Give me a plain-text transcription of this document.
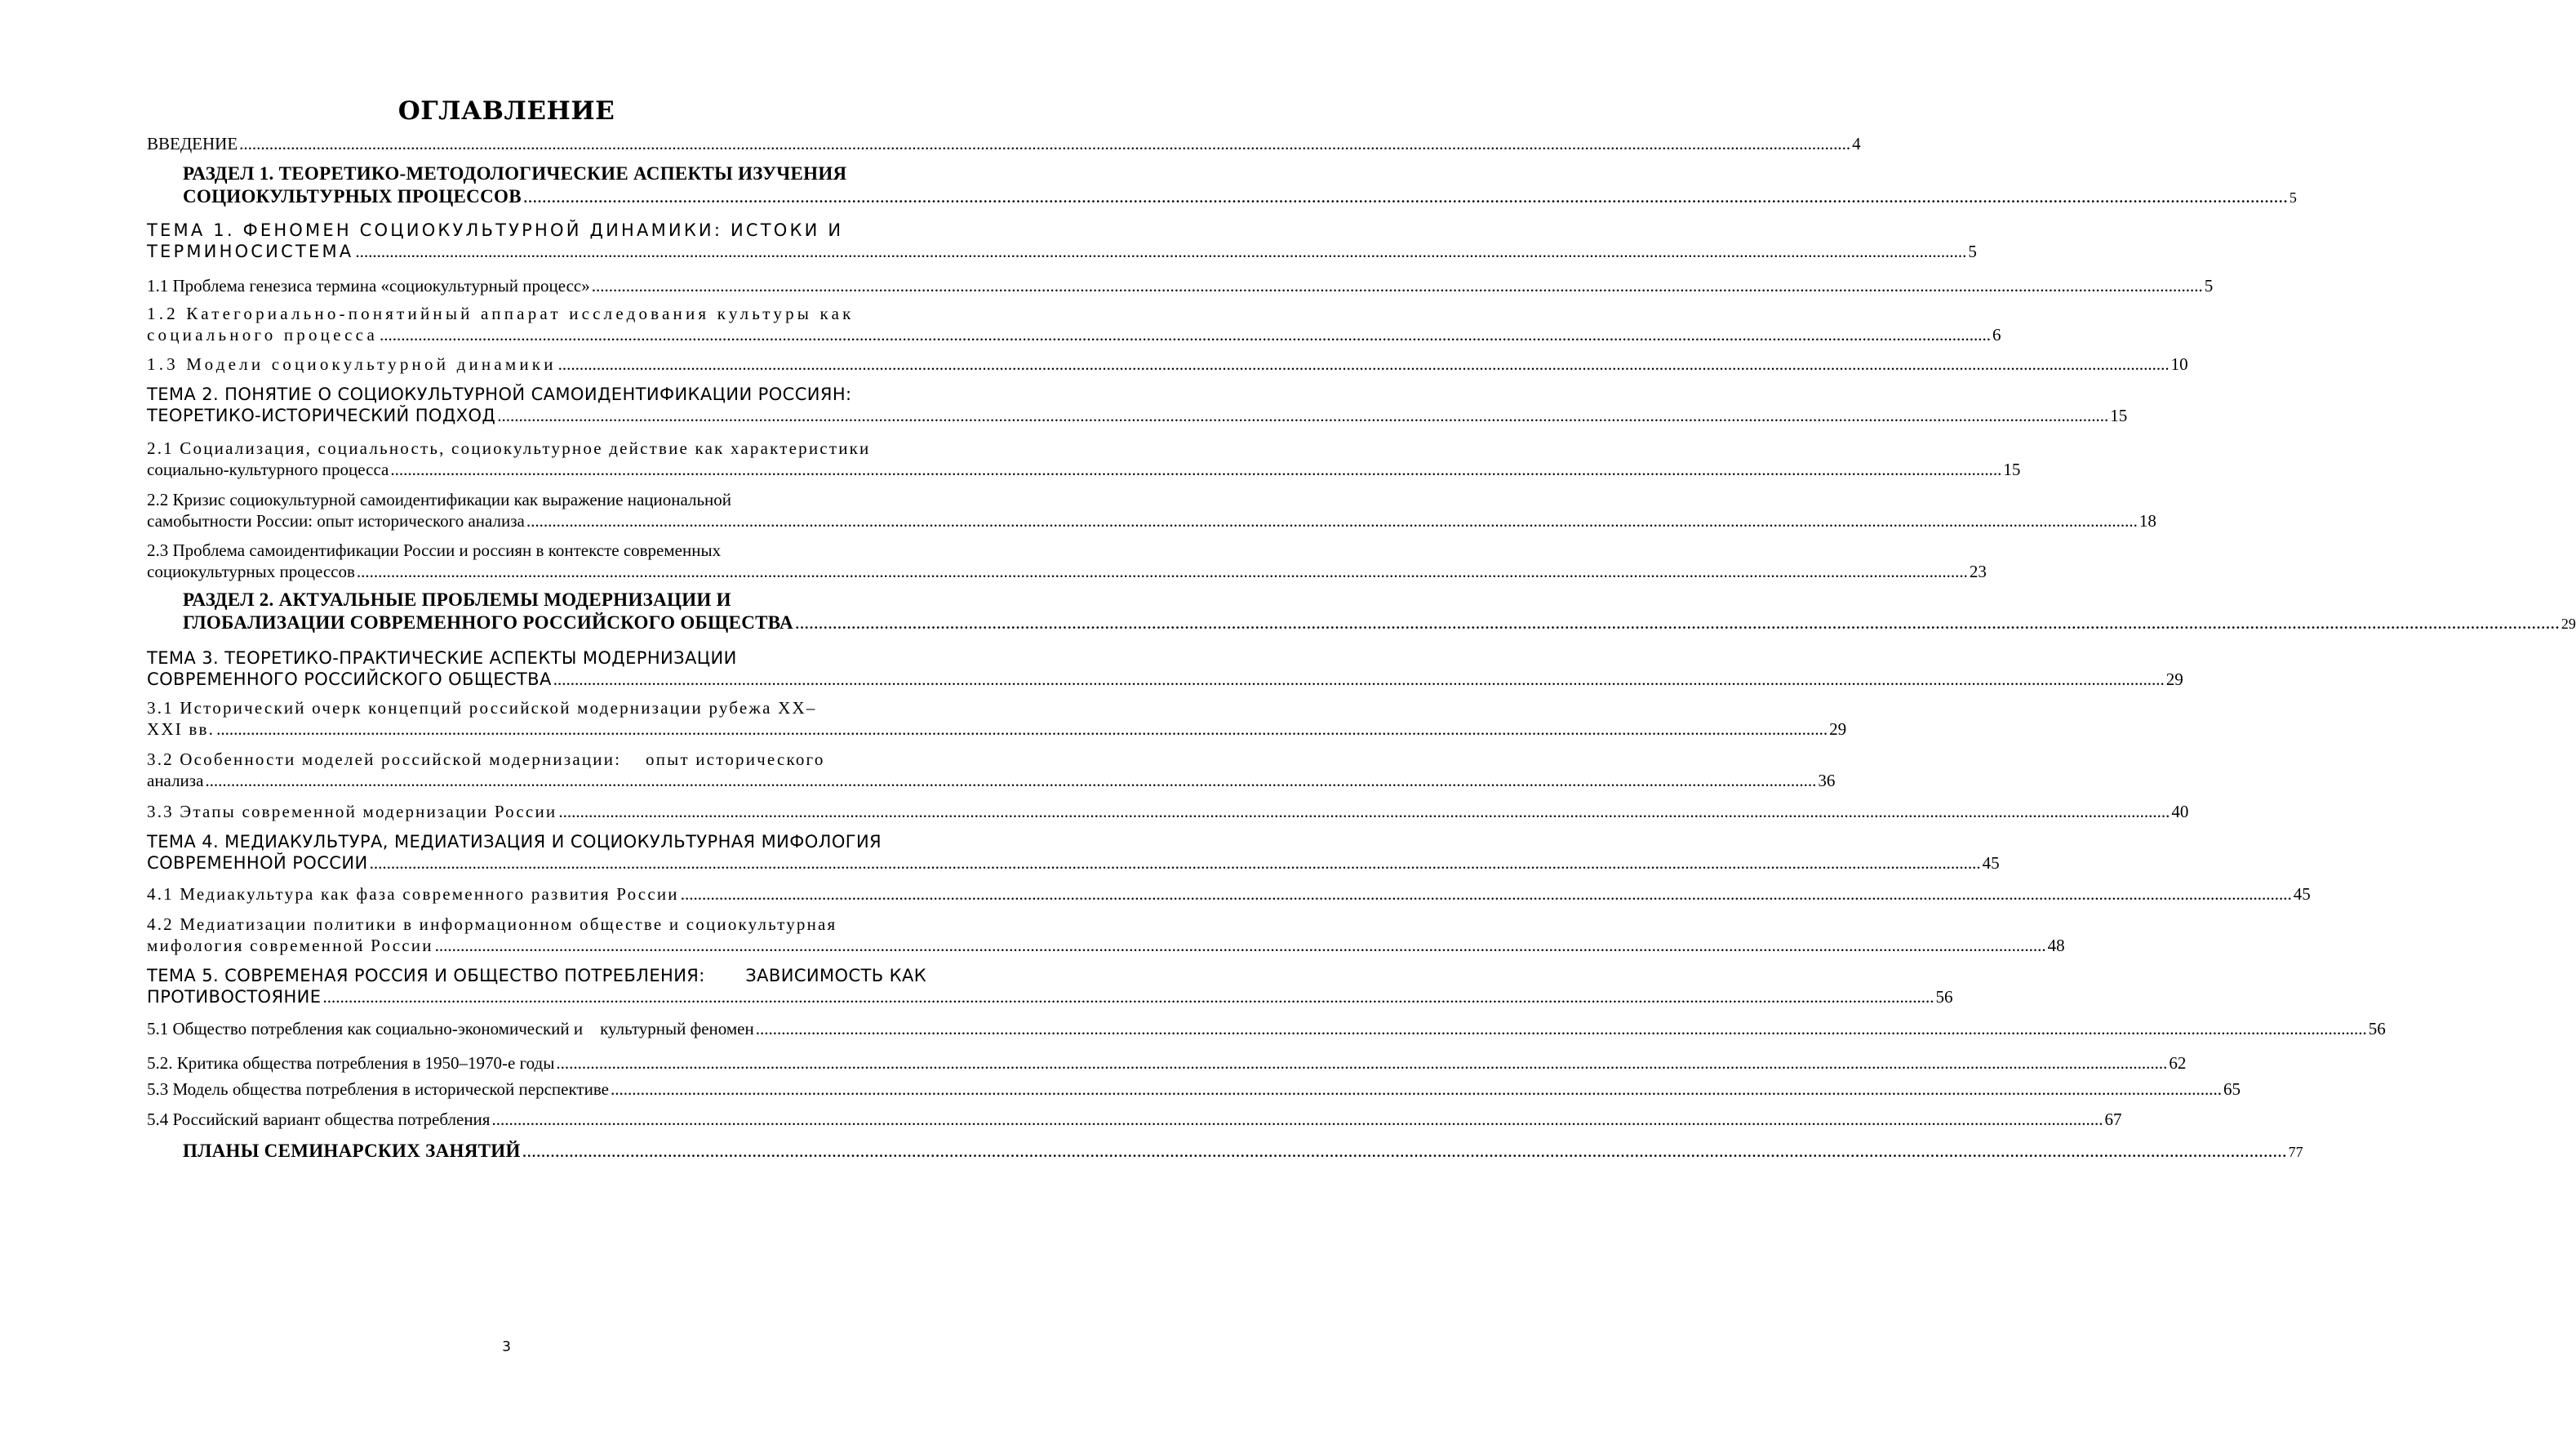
ОГЛАВЛЕНИЕ
ВВЕДЕНИЕ .....	4
РАЗДЕЛ 1. ТЕОРЕТИКО-МЕТОДОЛОГИЧЕСКИЕ АСПЕКТЫ ИЗУЧЕНИЯ
СОЦИОКУЛЬТУРНЫХ ПРОЦЕССОВ .....	5
ТЕМА 1. ФЕНОМЕН СОЦИОКУЛЬТУРНОЙ ДИНАМИКИ: ИСТОКИ И
ТЕРМИНОСИСТЕМА .....	5
1.1 Проблема генезиса термина «социокультурный процесс» .....	5
1.2 Категориально-понятийный аппарат исследования культуры как
социального процесса .....	6
1.3 Модели социокультурной динамики .....	10
ТЕМА 2. ПОНЯТИЕ О СОЦИОКУЛЬТУРНОЙ САМОИДЕНТИФИКАЦИИ РОССИЯН:
ТЕОРЕТИКО-ИСТОРИЧЕСКИЙ ПОДХОД .....	15
2.1 Социализация, социальность, социокультурное действие как характеристики
социально-культурного процесса .....	15
2.2 Кризис социокультурной самоидентификации как выражение национальной
самобытности России: опыт исторического анализа .....	18
2.3 Проблема самоидентификации России и россиян в контексте современных
социокультурных процессов .....	23
РАЗДЕЛ 2. АКТУАЛЬНЫЕ ПРОБЛЕМЫ МОДЕРНИЗАЦИИ И
ГЛОБАЛИЗАЦИИ СОВРЕМЕННОГО РОССИЙСКОГО ОБЩЕСТВА .....	29
ТЕМА 3. ТЕОРЕТИКО-ПРАКТИЧЕСКИЕ АСПЕКТЫ МОДЕРНИЗАЦИИ
СОВРЕМЕННОГО РОССИЙСКОГО ОБЩЕСТВА .....	29
3.1 Исторический очерк концепций российской модернизации рубежа ХХ–
XXI вв. .....	29
3.2 Особенности моделей российской модернизации:    опыт исторического
анализа .....	36
3.3 Этапы современной модернизации России .....	40
ТЕМА 4. МЕДИАКУЛЬТУРА, МЕДИАТИЗАЦИЯ И СОЦИОКУЛЬТУРНАЯ МИФОЛОГИЯ
СОВРЕМЕННОЙ РОССИИ .....	45
4.1 Медиакультура как фаза современного развития России .....	45
4.2 Медиатизации политики в информационном обществе и социокультурная
мифология современной России .....	48
ТЕМА 5. СОВРЕМЕНАЯ РОССИЯ И ОБЩЕСТВО ПОТРЕБЛЕНИЯ:       ЗАВИСИМОСТЬ КАК
ПРОТИВОСТОЯНИЕ .....	56
5.1 Общество потребления как социально-экономический и    культурный феномен .....	56
5.2. Критика общества потребления в 1950–1970-е годы .....	62
5.3 Модель общества потребления в исторической перспективе .....	65
5.4 Российский вариант общества потребления .....	67
ПЛАНЫ СЕМИНАРСКИХ ЗАНЯТИЙ .....	77
3
